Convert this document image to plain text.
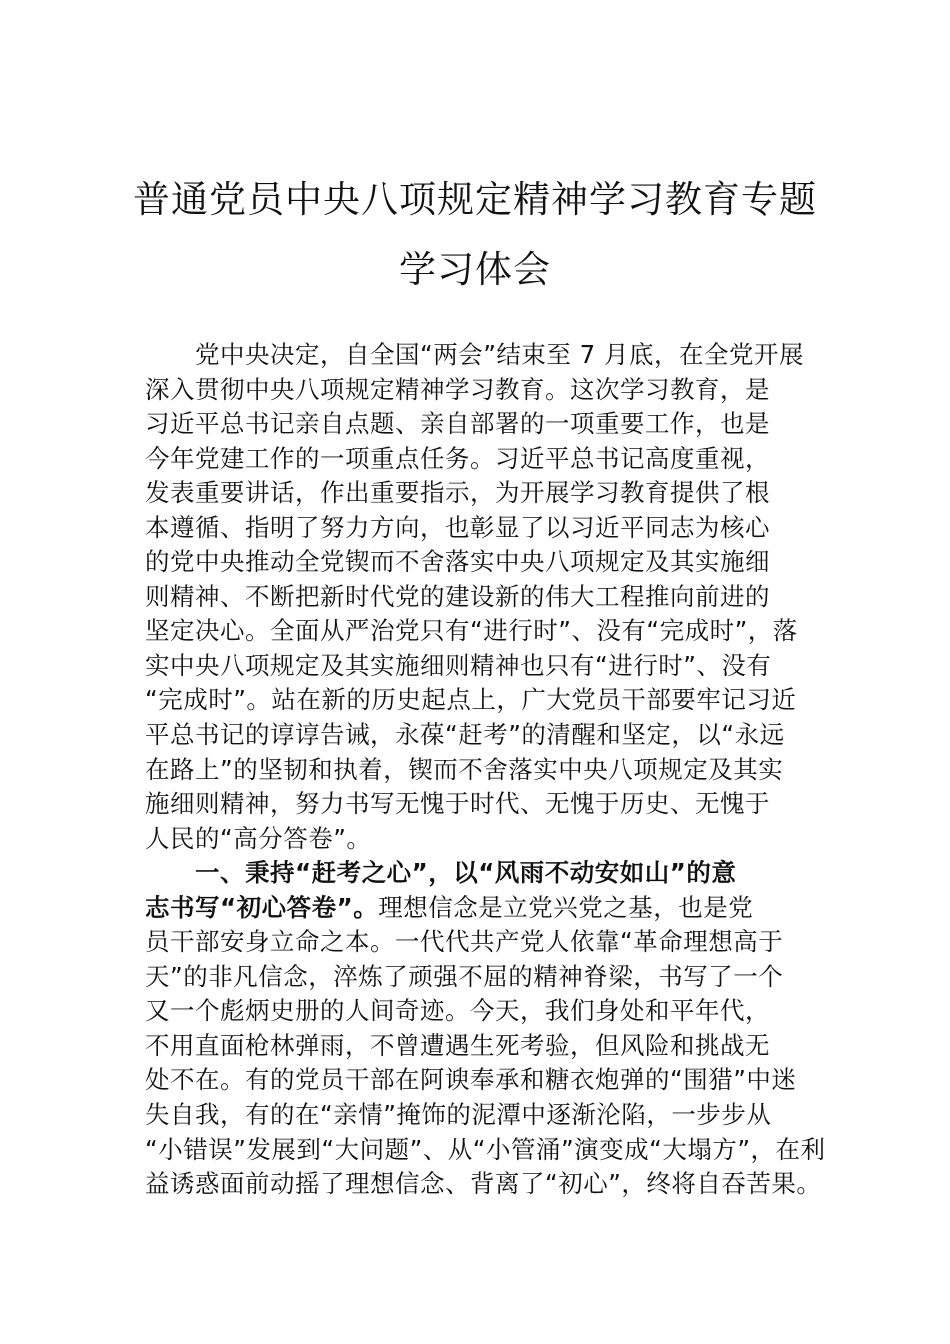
普通党员中央八项规定精神学习教育专题
学习体会
党中央决定，自全国“两会”结束至 7 月底，在全党开展
深入贯彻中央八项规定精神学习教育。这次学习教育，是
习近平总书记亲自点题、亲自部署的一项重要工作，也是
今年党建工作的一项重点任务。习近平总书记高度重视，
发表重要讲话，作出重要指示，为开展学习教育提供了根
本遵循、指明了努力方向，也彰显了以习近平同志为核心
的党中央推动全党锲而不舍落实中央八项规定及其实施细
则精神、不断把新时代党的建设新的伟大工程推向前进的
坚定决心。全面从严治党只有“进行时”、没有“完成时”，落
实中央八项规定及其实施细则精神也只有“进行时”、没有
“完成时”。站在新的历史起点上，广大党员干部要牢记习近
平总书记的谆谆告诫，永葆“赶考”的清醒和坚定，以“永远
在路上”的坚韧和执着，锲而不舍落实中央八项规定及其实
施细则精神，努力书写无愧于时代、无愧于历史、无愧于
人民的“高分答卷”。
一、秉持“赶考之心”，以“风雨不动安如山”的意
志书写“初心答卷”。理想信念是立党兴党之基，也是党
员干部安身立命之本。一代代共产党人依靠“革命理想高于
天”的非凡信念，淬炼了顽强不屈的精神脊梁，书写了一个
又一个彪炳史册的人间奇迹。今天，我们身处和平年代，
不用直面枪林弹雨，不曾遭遇生死考验，但风险和挑战无
处不在。有的党员干部在阿谀奉承和糖衣炮弹的“围猎”中迷
失自我，有的在“亲情”掩饰的泥潭中逐渐沦陷，一步步从
“小错误”发展到“大问题”、从“小管涌”演变成“大塌方”，在利
益诱惑面前动摇了理想信念、背离了“初心”，终将自吞苦果。
